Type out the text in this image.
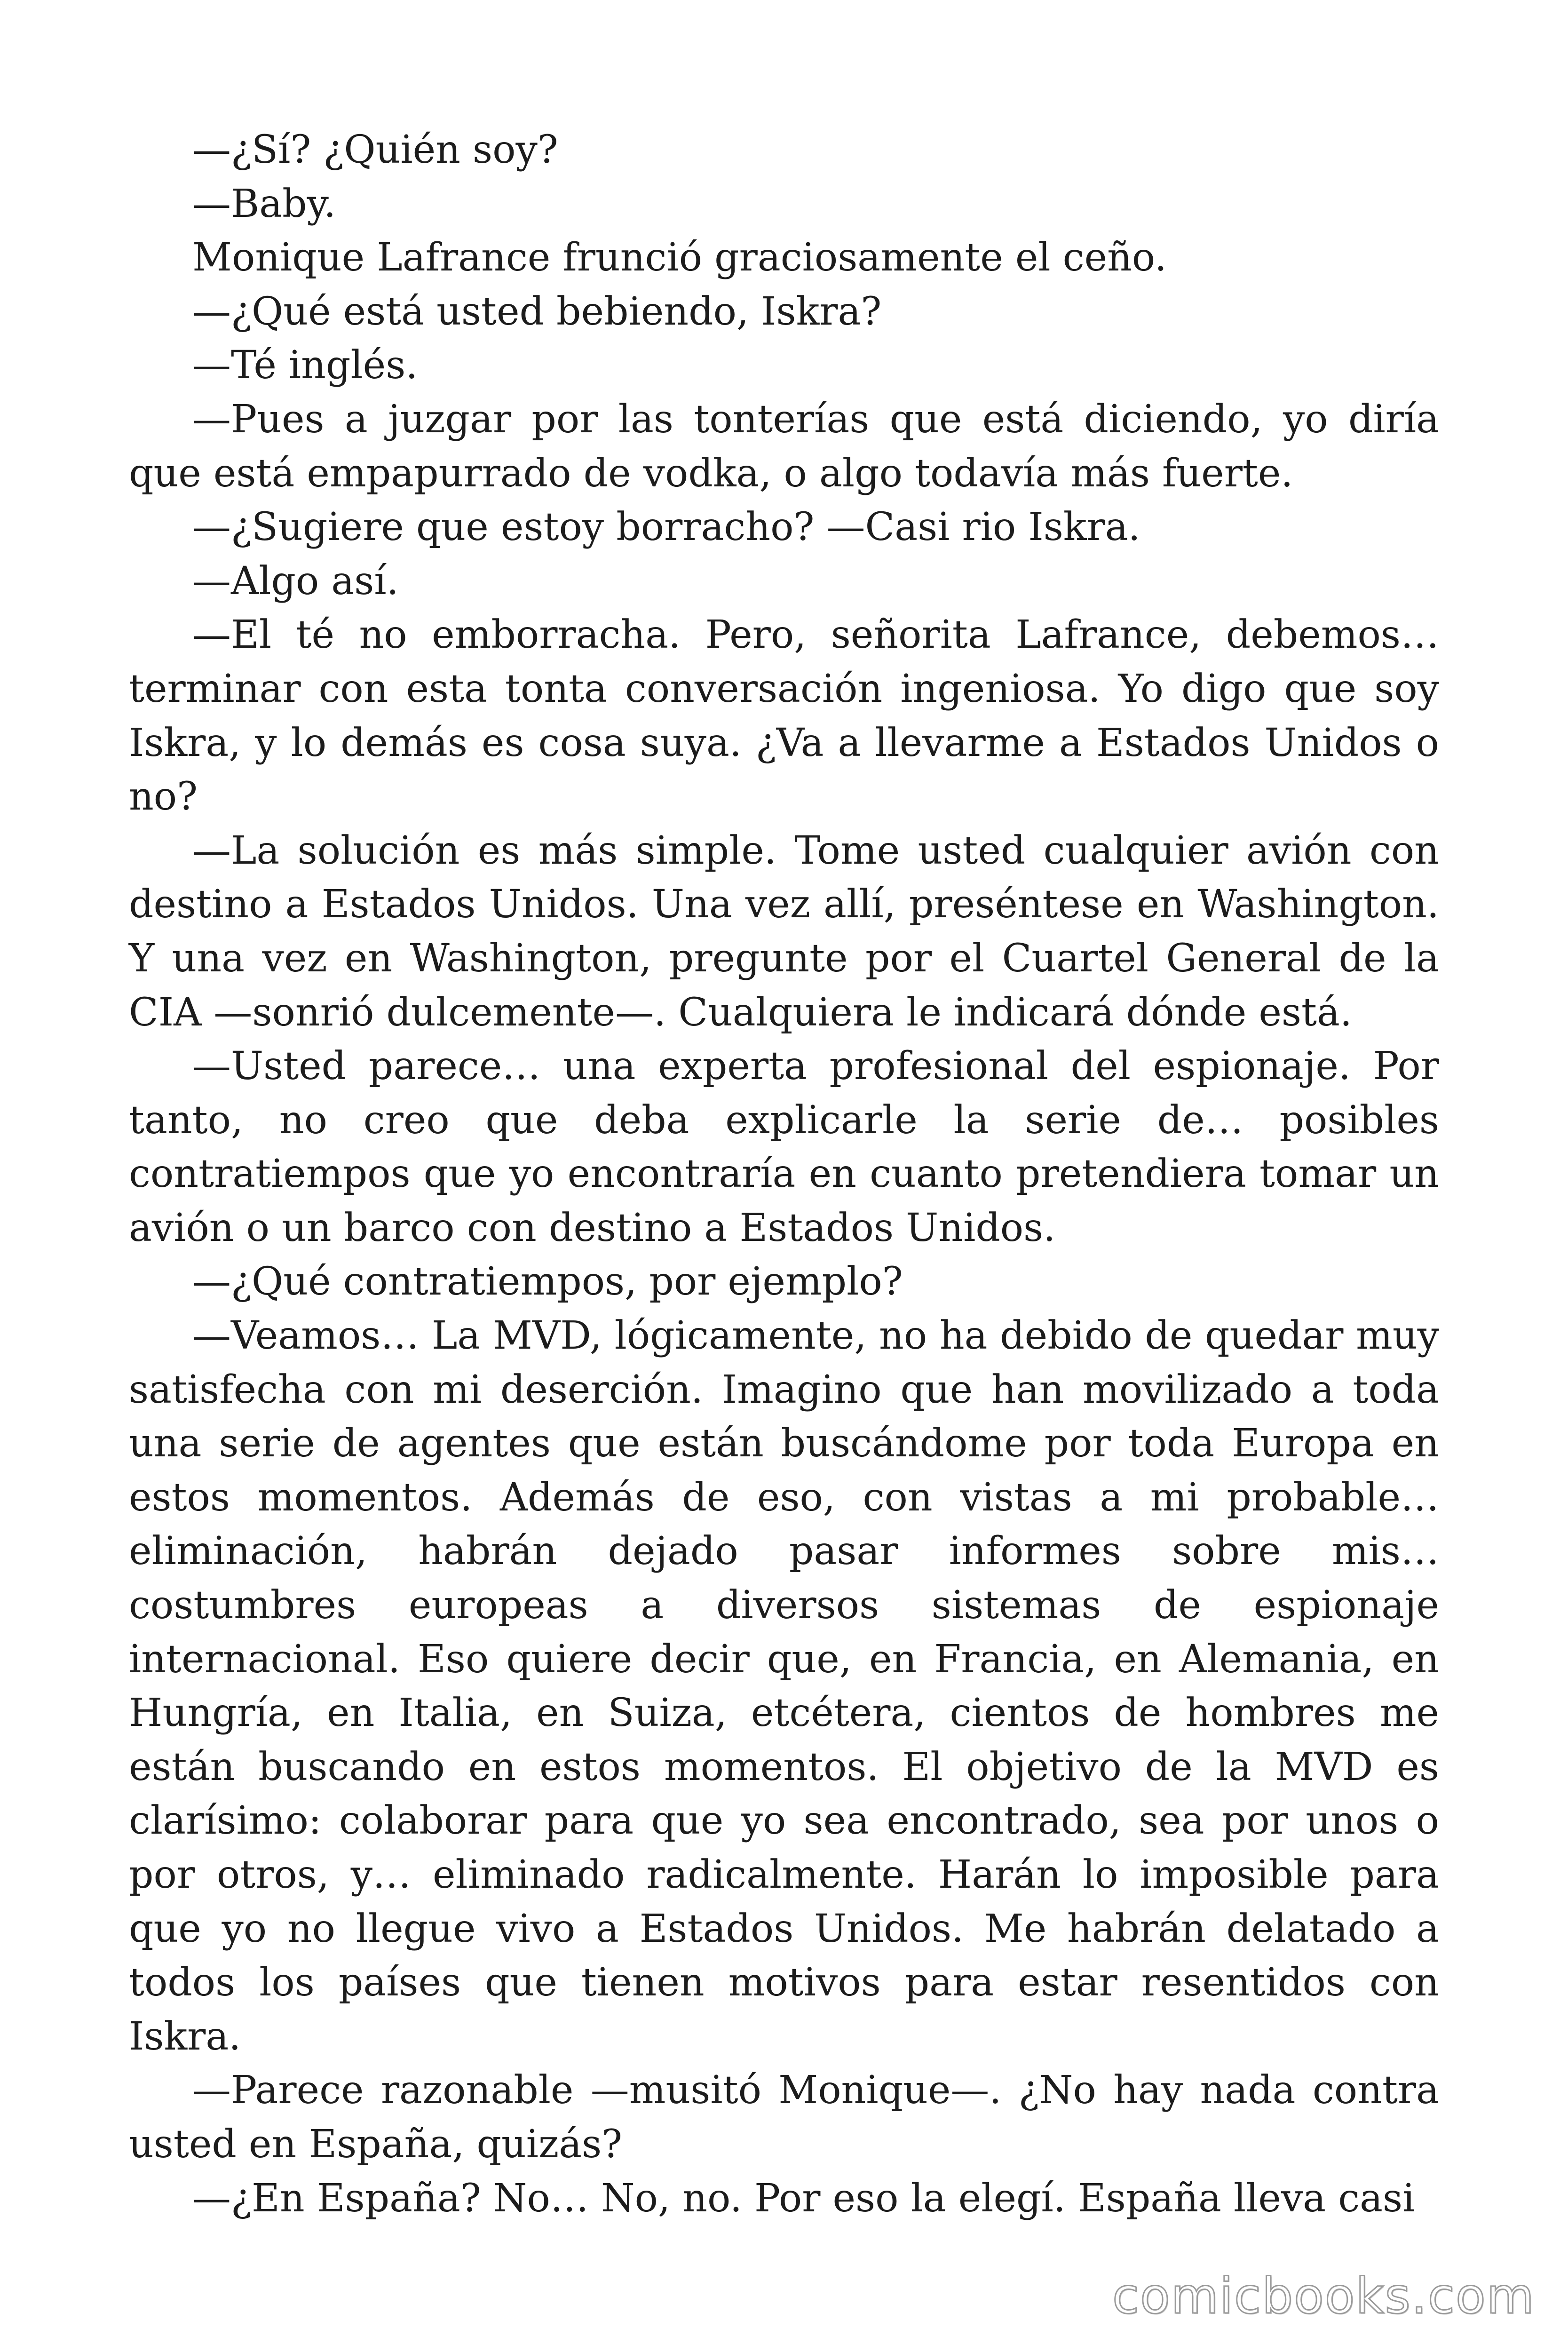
—¿Sí? ¿Quién soy?

—Baby.

Monique Lafrance frunció graciosamente el ceño.

—¿Qué está usted bebiendo, Iskra?

—Té inglés.

—Pues a juzgar por las tonterías que está diciendo, yo diría que está empapurrado de vodka, o algo todavía más fuerte.

—¿Sugiere que estoy borracho? —Casi rio Iskra.

—Algo así.

—El té no emborracha. Pero, señorita Lafrance, debemos… terminar con esta tonta conversación ingeniosa. Yo digo que soy Iskra, y lo demás es cosa suya. ¿Va a llevarme a Estados Unidos o no?

—La solución es más simple. Tome usted cualquier avión con destino a Estados Unidos. Una vez allí, preséntese en Washington. Y una vez en Washington, pregunte por el Cuartel General de la CIA —sonrió dulcemente—. Cualquiera le indicará dónde está.

—Usted parece… una experta profesional del espionaje. Por tanto, no creo que deba explicarle la serie de… posibles contratiempos que yo encontraría en cuanto pretendiera tomar un avión o un barco con destino a Estados Unidos.

—¿Qué contratiempos, por ejemplo?

—Veamos… La MVD, lógicamente, no ha debido de quedar muy satisfecha con mi deserción. Imagino que han movilizado a toda una serie de agentes que están buscándome por toda Europa en estos momentos. Además de eso, con vistas a mi probable… eliminación, habrán dejado pasar informes sobre mis… costumbres europeas a diversos sistemas de espionaje internacional. Eso quiere decir que, en Francia, en Alemania, en Hungría, en Italia, en Suiza, etcétera, cientos de hombres me están buscando en estos momentos. El objetivo de la MVD es clarísimo: colaborar para que yo sea encontrado, sea por unos o por otros, y… eliminado radicalmente. Harán lo imposible para que yo no llegue vivo a Estados Unidos. Me habrán delatado a todos los países que tienen motivos para estar resentidos con Iskra.

—Parece razonable —musitó Monique—. ¿No hay nada contra usted en España, quizás?

—¿En España? No… No, no. Por eso la elegí. España lleva casi

comicbooks.com
